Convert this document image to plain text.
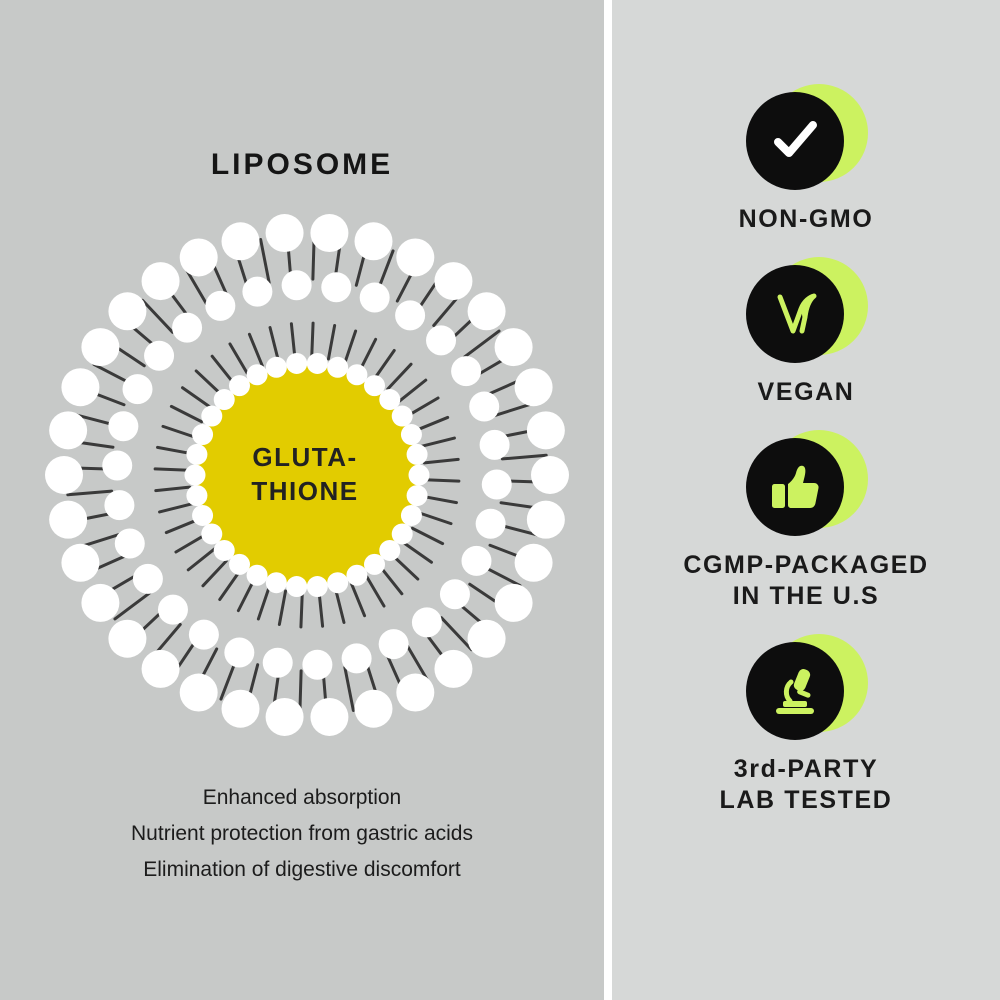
LIPOSOME
GLUTA-
THIONE
Enhanced absorption
Nutrient protection from gastric acids
Elimination of digestive discomfort
NON-GMO
VEGAN
CGMP-PACKAGED
IN THE U.S
3rd-PARTY
LAB TESTED
